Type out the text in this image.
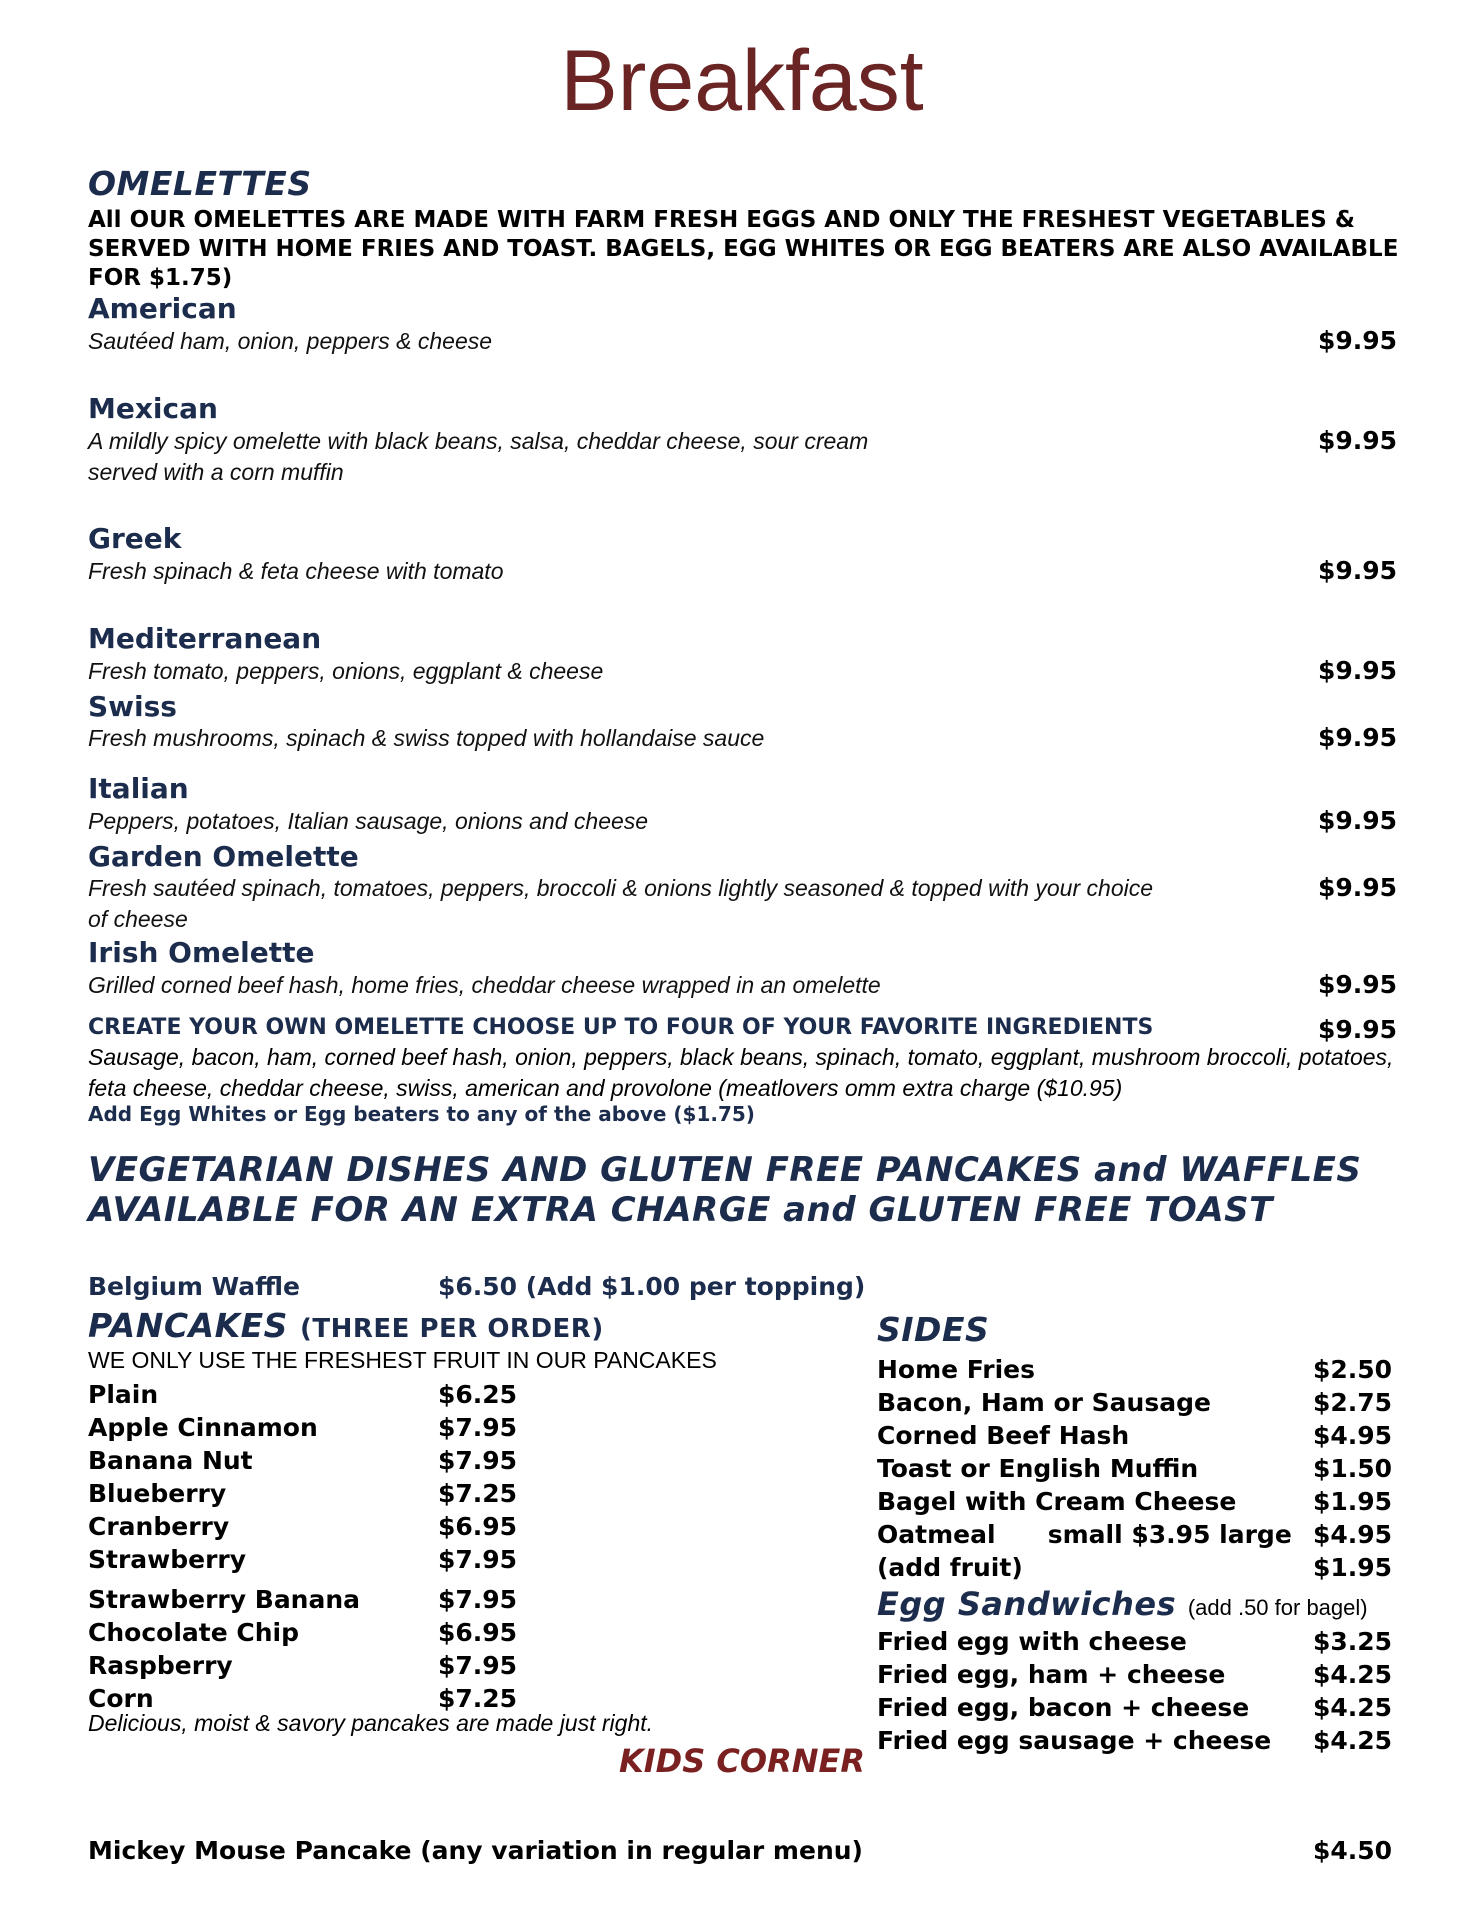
Breakfast
OMELETTES
All OUR OMELETTES ARE MADE WITH FARM FRESH EGGS AND ONLY THE FRESHEST VEGETABLES & SERVED WITH HOME FRIES AND TOAST. BAGELS, EGG WHITES OR EGG BEATERS ARE ALSO AVAILABLE FOR $1.75)
American
Sautéed ham, onion, peppers & cheese	$9.95
Mexican
A mildly spicy omelette with black beans, salsa, cheddar cheese, sour cream served with a corn muffin
$9.95
Greek
Fresh spinach & feta cheese with tomato	$9.95
Mediterranean
Fresh tomato, peppers, onions, eggplant & cheese	$9.95
Swiss
Fresh mushrooms, spinach & swiss topped with hollandaise sauce	$9.95
Italian
Peppers, potatoes, Italian sausage, onions and cheese	$9.95
Garden Omelette
Fresh sautéed spinach, tomatoes, peppers, broccoli & onions lightly seasoned & topped with your choice of cheese
$9.95
Irish Omelette
Grilled corned beef hash, home fries, cheddar cheese wrapped in an omelette	$9.95
CREATE YOUR OWN OMELETTE CHOOSE UP TO FOUR OF YOUR FAVORITE INGREDIENTS	$9.95
Sausage, bacon, ham, corned beef hash, onion, peppers, black beans, spinach, tomato, eggplant, mushroom broccoli, potatoes, feta cheese, cheddar cheese, swiss, american and provolone (meatlovers omm extra charge ($10.95)
Add Egg Whites or Egg beaters to any of the above ($1.75)
VEGETARIAN DISHES AND GLUTEN FREE PANCAKES and WAFFLES AVAILABLE FOR AN EXTRA CHARGE and GLUTEN FREE TOAST
Belgium Waffle	$6.50 (Add $1.00 per topping)
PANCAKES (THREE PER ORDER)
WE ONLY USE THE FRESHEST FRUIT IN OUR PANCAKES
Plain	$6.25
Apple Cinnamon	$7.95
Banana Nut	$7.95
Blueberry	$7.25
Cranberry	$6.95
Strawberry	$7.95
Strawberry Banana	$7.95
Chocolate Chip	$6.95
Raspberry	$7.95
Corn	$7.25
Delicious, moist & savory pancakes are made just right.
SIDES
Home Fries	$2.50
Bacon, Ham or Sausage	$2.75
Corned Beef Hash	$4.95
Toast or English Muffin	$1.50
Bagel with Cream Cheese	$1.95
Oatmeal      small $3.95 large $4.95
(add fruit)	$1.95
Egg Sandwiches (add .50 for bagel)
Fried egg with cheese	$3.25
Fried egg, ham + cheese	$4.25
Fried egg, bacon + cheese	$4.25
Fried egg sausage + cheese $4.25
KIDS CORNER
Mickey Mouse Pancake (any variation in regular menu)	$4.50
